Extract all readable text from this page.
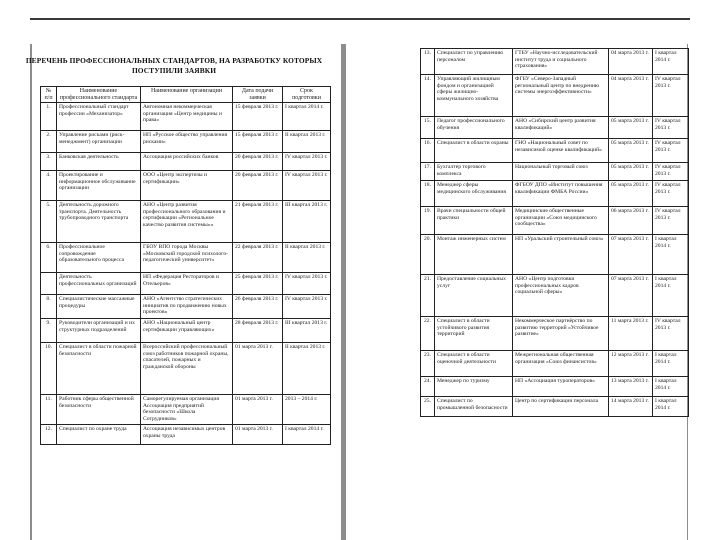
ПЕРЕЧЕНЬ ПРОФЕССИОНАЛЬНЫХ СТАНДАРТОВ, НА РАЗРАБОТКУ КОТОРЫХ ПОСТУПИЛИ ЗАЯВКИ
№ п/п	Наименование профессионального стандарта	Наименование организации	Дата подачи заявки	Срок подготовки
1.	Профессиональный стандарт профессии «Механизатор»	Автономная некоммерческая организация «Центр медицины и права»	15 февраля 2013 г.	I квартал 2014 г.
2.	Управление рисками (риск-менеджмент) организации	НП «Русское общество управления рисками»	15 февраля 2013 г.	II квартал 2013 г.
3.	Банковская деятельность	Ассоциация российских банков	20 февраля 2013 г.	IV квартал 2013 г.
4.	Проектирование и информационное обслуживание организации	ООО «Центр экспертизы и сертификации»	20 февраля 2013 г.	IV квартал 2013 г.
5.	Деятельность дорожного транспорта. Деятельность трубопроводного транспорта	АНО «Центр развития профессионального образования и сертификации «Региональное качество развития системы»»	21 февраля 2013 г.	III квартал 2013 г.
6.	Профессиональное сопровождение образовательного процесса	ГБОУ ВПО города Москвы «Московский городской психолого-педагогический университет»	22 февраля 2013 г.	II квартал 2013 г.
	Деятельность профессиональных организаций	НП «Федерация Рестораторов и Отельеров»	25 февраля 2013 г.	IV квартал 2013 г.
8.	Специалистические массажные процедуры	АНО «Агентство стратегических инициатив по продвижению новых проектов»	26 февраля 2013 г.	IV квартал 2013 г.
9.	Руководители организаций и их структурных подразделений	АНО «Национальный центр сертификации управляющих»	28 февраля 2013 г.	III квартал 2013 г.
10.	Специалист в области пожарной безопасности	Всероссийский профессиональный союз работников пожарной охраны, спасателей, пожарных и гражданской обороны	01 марта 2013 г.	II квартал 2013 г.
11.	Работник сферы общественной безопасности	Саморегулируемая организация Ассоциация предприятий безопасности «Школа Сотрудников»	01 марта 2013 г.	2013 – 2014 г.
12.	Специалист по охране труда	Ассоциация независимых центров охраны труда	01 марта 2013 г.	I квартал 2014 г.
13.	Специалист по управлению персоналом	ГТБУ «Научно-исследовательский институт труда и социального страхования»	04 марта 2013 г.	I квартал 2014 г.
14.	Управляющий жилищным фондом и организацией сферы жилищно-коммунального хозяйства	ФГБУ «Северо-Западный региональный центр по внедрению системы энергоэффективности»	04 марта 2013 г.	IV квартал 2013 г.
15.	Педагог профессионального обучения	АНО «Сибирский центр развития квалификаций»	05 марта 2013 г.	IV квартал 2013 г.
16.	Специалист в области охраны	ГНО «Национальный совет по независимой оценке квалификаций»	05 марта 2013 г.	IV квартал 2013 г.
17.	Бухгалтер торгового комплекса	Национальный торговый союз	05 марта 2013 г.	IV квартал 2013 г.
18.	Менеджер сферы медицинского обслуживания	ФГБОУ ДПО «Институт повышения квалификации ФМБА России»	05 марта 2013 г.	IV квартал 2013 г.
19.	Врачи специальности общей практики	Медицинские общественные организации «Союз медицинского сообщества»	06 марта 2013 г.	IV квартал 2013 г.
20.	Монтаж инженерных систем	НП «Уральский строительный союз»	07 марта 2013 г.	I квартал 2014 г.
21.	Предоставление социальных услуг	АНО «Центр подготовки профессиональных кадров социальной сферы»	07 марта 2013 г.	I квартал 2014 г.
22.	Специалист в области устойчивого развития территорий	Некоммерческое партнёрство по развитию территорий «Устойчивое развитие»	11 марта 2013 г.	IV квартал 2013 г.
23.	Специалист в области оценочной деятельности	Межрегиональная общественная организация «Союз финансистов»	12 марта 2013 г.	I квартал 2014 г.
24.	Менеджер по туризму	НП «Ассоциация туроператоров»	13 марта 2013 г.	I квартал 2014 г.
25.	Специалист по промышленной безопасности	Центр по сертификации персонала	14 марта 2013 г.	I квартал 2014 г.
